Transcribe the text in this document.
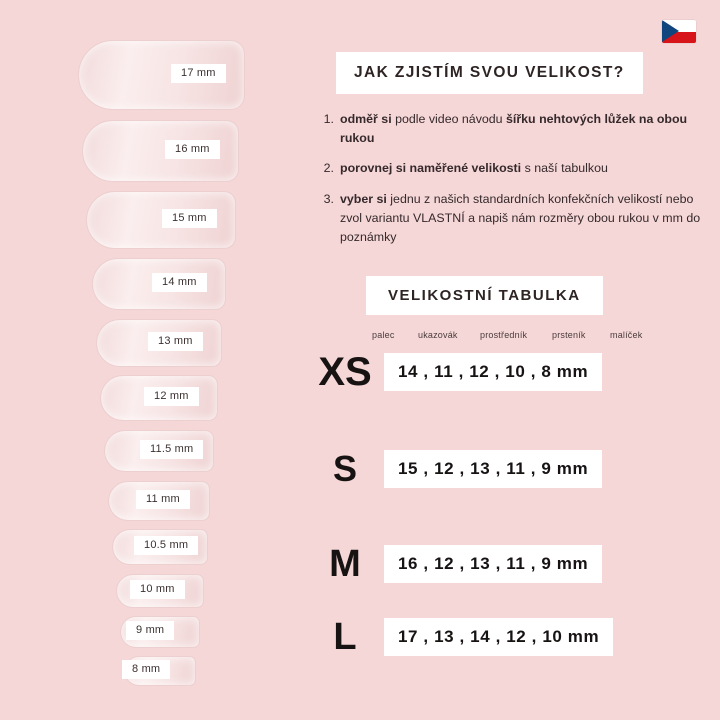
17 mm
16 mm
15 mm
14 mm
13 mm
12 mm
11.5 mm
11 mm
10.5 mm
10 mm
9 mm
8 mm
JAK ZJISTÍM SVOU VELIKOST?
1. odměř si podle video návodu šířku nehtových lůžek na obou rukou
2. porovnej si naměřené velikosti s naší tabulkou
3. vyber si jednu z našich standardních konfekčních velikostí nebo zvol variantu VLASTNÍ a napiš nám rozměry obou rukou v mm do poznámky
VELIKOSTNÍ TABULKA
palec	ukazovák	prostředník	prsteník	malíček
XS	14 , 11 , 12 , 10 , 8 mm
S	15 , 12 , 13 , 11 , 9 mm
M	16 , 12 , 13 , 11 , 9 mm
L	17 , 13 , 14 , 12 , 10 mm
